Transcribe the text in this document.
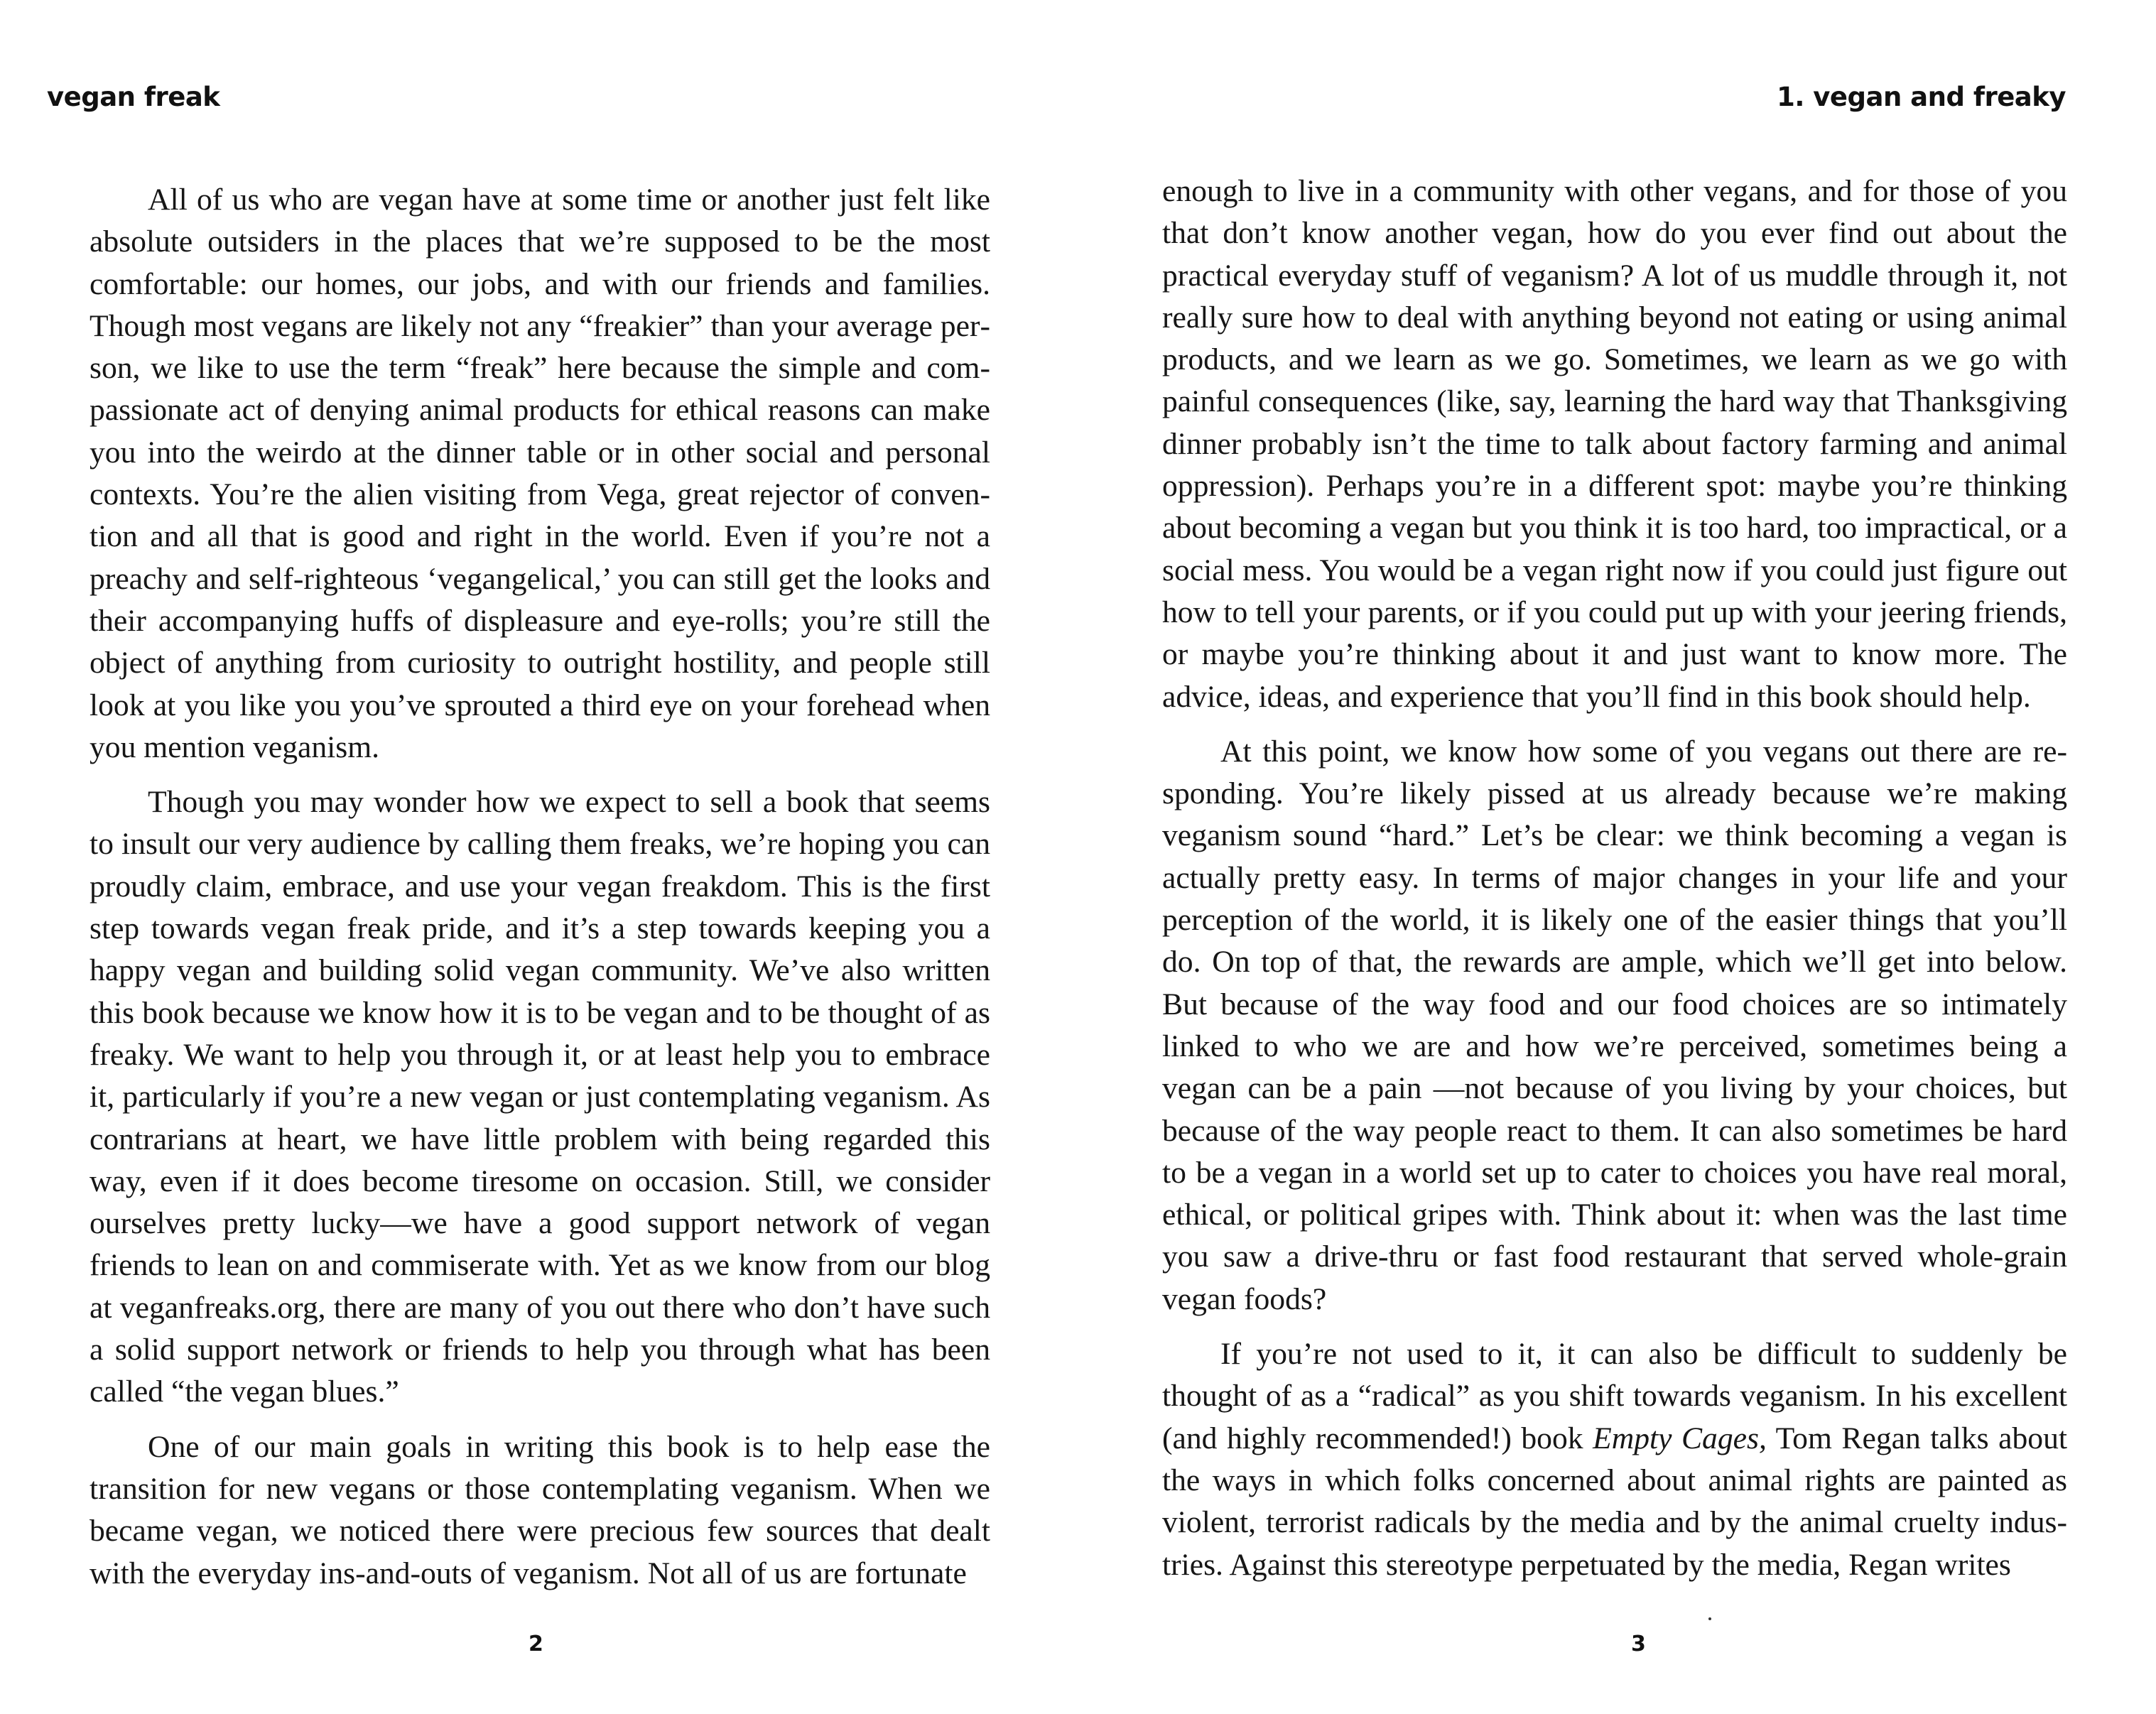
vegan freak

All of us who are vegan have at some time or another just felt like absolute outsiders in the places that we’re supposed to be the most comfortable: our homes, our jobs, and with our friends and families. Though most vegans are likely not any “freakier” than your average person, we like to use the term “freak” here because the simple and compassionate act of denying animal products for ethical reasons can make you into the weirdo at the dinner table or in other social and personal contexts. You’re the alien visiting from Vega, great rejector of convention and all that is good and right in the world. Even if you’re not a preachy and self-righteous ‘vegangelical,’ you can still get the looks and their accompanying huffs of displeasure and eye-rolls; you’re still the object of anything from curiosity to outright hostility, and people still look at you like you you’ve sprouted a third eye on your forehead when you mention veganism.

Though you may wonder how we expect to sell a book that seems to insult our very audience by calling them freaks, we’re hoping you can proudly claim, embrace, and use your vegan freakdom. This is the first step towards vegan freak pride, and it’s a step towards keeping you a happy vegan and building solid vegan community. We’ve also written this book because we know how it is to be vegan and to be thought of as freaky. We want to help you through it, or at least help you to embrace it, particularly if you’re a new vegan or just contemplating veganism. As contrarians at heart, we have little problem with being regarded this way, even if it does become tiresome on occasion. Still, we consider ourselves pretty lucky—we have a good support network of vegan friends to lean on and commiserate with. Yet as we know from our blog at veganfreaks.org, there are many of you out there who don’t have such a solid support network or friends to help you through what has been called “the vegan blues.”

One of our main goals in writing this book is to help ease the transition for new vegans or those contemplating veganism. When we became vegan, we noticed there were precious few sources that dealt with the everyday ins-and-outs of veganism. Not all of us are fortunate

2
1. vegan and freaky

enough to live in a community with other vegans, and for those of you that don’t know another vegan, how do you ever find out about the practical everyday stuff of veganism? A lot of us muddle through it, not really sure how to deal with anything beyond not eating or using animal products, and we learn as we go. Sometimes, we learn as we go with painful consequences (like, say, learning the hard way that Thanksgiving dinner probably isn’t the time to talk about factory farming and animal oppression). Perhaps you’re in a different spot: maybe you’re thinking about becoming a vegan but you think it is too hard, too impractical, or a social mess. You would be a vegan right now if you could just figure out how to tell your parents, or if you could put up with your jeering friends, or maybe you’re thinking about it and just want to know more. The advice, ideas, and experience that you’ll find in this book should help.

At this point, we know how some of you vegans out there are responding. You’re likely pissed at us already because we’re making veganism sound “hard.” Let’s be clear: we think becoming a vegan is actually pretty easy. In terms of major changes in your life and your perception of the world, it is likely one of the easier things that you’ll do. On top of that, the rewards are ample, which we’ll get into below. But because of the way food and our food choices are so intimately linked to who we are and how we’re perceived, sometimes being a vegan can be a pain —not because of you living by your choices, but because of the way people react to them. It can also sometimes be hard to be a vegan in a world set up to cater to choices you have real moral, ethical, or political gripes with. Think about it: when was the last time you saw a drive-thru or fast food restaurant that served whole-grain vegan foods?

If you’re not used to it, it can also be difficult to suddenly be thought of as a “radical” as you shift towards veganism. In his excellent (and highly recommended!) book Empty Cages, Tom Regan talks about the ways in which folks concerned about animal rights are painted as violent, terrorist radicals by the media and by the animal cruelty industries. Against this stereotype perpetuated by the media, Regan writes

3
